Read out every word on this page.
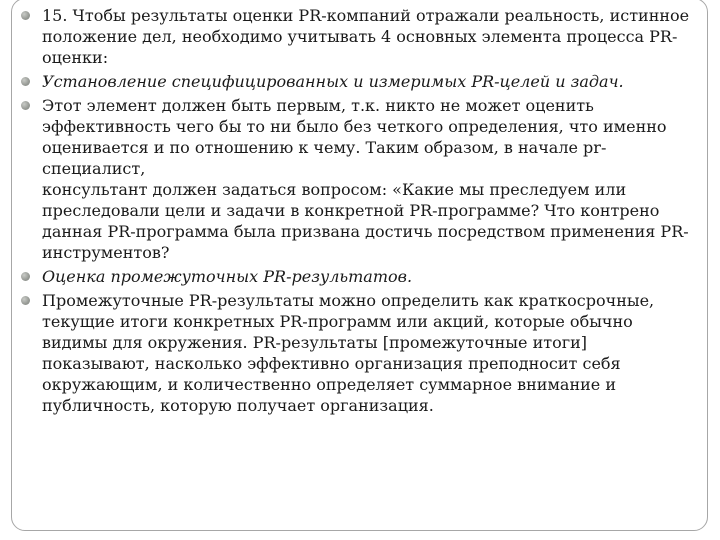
15. Чтобы результаты оценки PR-компаний отражали реальность, истинное
положение дел, необходимо учитывать 4 основных элемента процесса PR-
оценки:

Установление специфицированных и измеримых PR-целей и задач.

Этот элемент должен быть первым, т.к. никто не может оценить
эффективность чего бы то ни было без четкого определения, что именно
оценивается и по отношению к чему. Таким образом, в начале pr-специалист,
консультант должен задаться вопросом: «Какие мы преследуем или
преследовали цели и задачи в конкретной PR-программе? Что контрено
данная PR-программа была призвана достичь посредством применения PR-
инструментов?

Оценка промежуточных PR-результатов.

Промежуточные PR-результаты можно определить как краткосрочные,
текущие итоги конкретных PR-программ или акций, которые обычно
видимы для окружения. PR-результаты [промежуточные итоги]
показывают, насколько эффективно организация преподносит себя
окружающим, и количественно определяет суммарное внимание и
публичность, которую получает организация.
